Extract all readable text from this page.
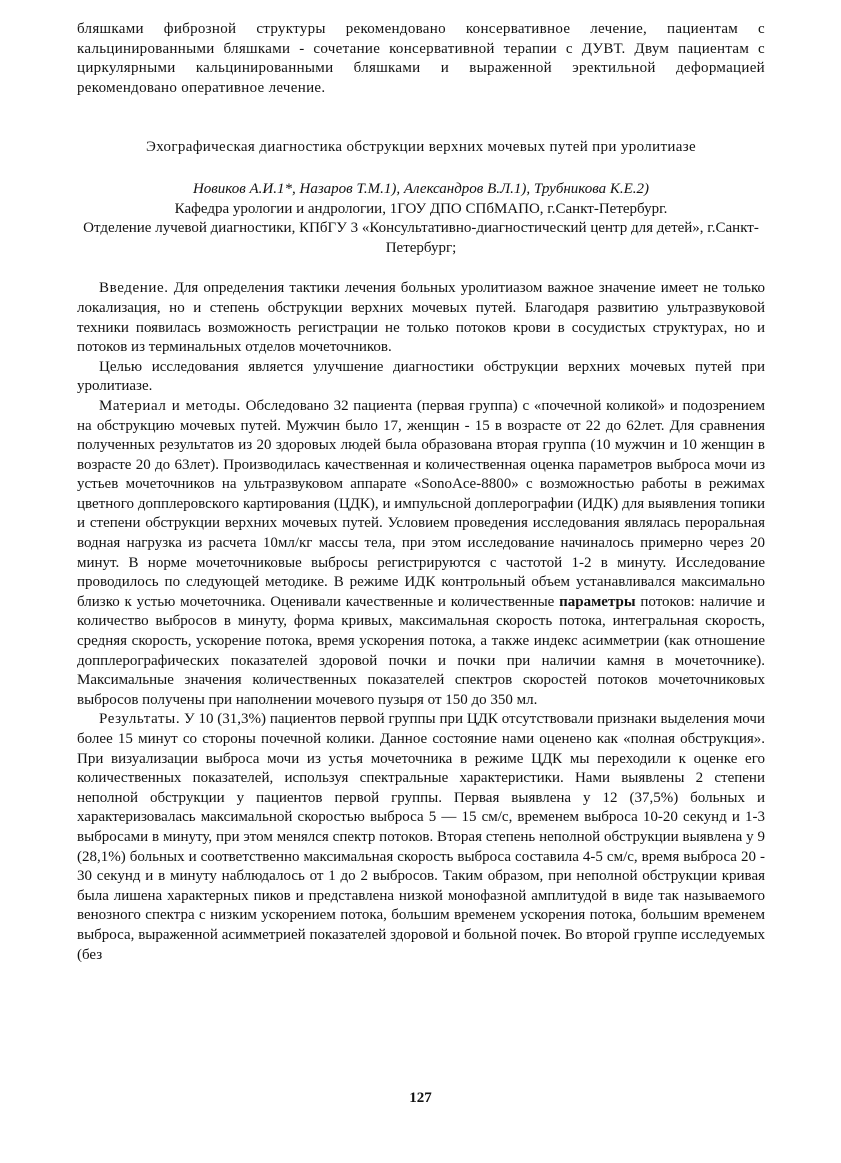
бляшками фиброзной структуры рекомендовано консервативное лечение, пациентам с кальцинированными бляшками - сочетание консервативной терапии с ДУВТ. Двум пациентам с циркулярными кальцинированными бляшками и выраженной эректильной деформацией рекомендовано оперативное лечение.

Эхографическая диагностика обструкции верхних мочевых путей при уролитиазе

Новиков А.И.1*, Назаров Т.М.1), Александров В.Л.1), Трубникова К.Е.2)

Кафедра урологии и андрологии, 1ГОУ ДПО СПбМАПО, г.Санкт-Петербург.

Отделение лучевой диагностики, КПбГУ 3 «Консультативно-диагностический центр для детей», г.Санкт-Петербург;

Введение. Для определения тактики лечения больных уролитиазом важное значение имеет не только локализация, но и степень обструкции верхних мочевых путей. Благодаря развитию ультразвуковой техники появилась возможность регистрации не только потоков крови в сосудистых структурах, но и потоков из терминальных отделов мочеточников.

Целью исследования является улучшение диагностики обструкции верхних мочевых путей при уролитиазе.

Материал и методы. Обследовано 32 пациента (первая группа) с «почечной коликой» и подозрением на обструкцию мочевых путей. Мужчин было 17, женщин - 15 в возрасте от 22 до 62лет. Для сравнения полученных результатов из 20 здоровых людей была образована вторая группа (10 мужчин и 10 женщин в возрасте 20 до 63лет). Производилась качественная и количественная оценка параметров выброса мочи из устьев мочеточников на ультразвуковом аппарате «SonoAce-8800» с возможностью работы в режимах цветного допплеровского картирования (ЦДК), и импульсной доплерографии (ИДК) для выявления топики и степени обструкции верхних мочевых путей. Условием проведения исследования являлась пероральная водная нагрузка из расчета 10мл/кг массы тела, при этом исследование начиналось примерно через 20 минут. В норме мочеточниковые выбросы регистрируются с частотой 1-2 в минуту. Исследование проводилось по следующей методике. В режиме ИДК контрольный объем устанавливался максимально близко к устью мочеточника. Оценивали качественные и количественные параметры потоков: наличие и количество выбросов в минуту, форма кривых, максимальная скорость потока, интегральная скорость, средняя скорость, ускорение потока, время ускорения потока, а также индекс асимметрии (как отношение допплерографических показателей здоровой почки и почки при наличии камня в мочеточнике). Максимальные значения количественных показателей спектров скоростей потоков мочеточниковых выбросов получены при наполнении мочевого пузыря от 150 до 350 мл.

Результаты. У 10 (31,3%) пациентов первой группы при ЦДК отсутствовали признаки выделения мочи более 15 минут со стороны почечной колики. Данное состояние нами оценено как «полная обструкция». При визуализации выброса мочи из устья мочеточника в режиме ЦДК мы переходили к оценке его количественных показателей, используя спектральные характеристики. Нами выявлены 2 степени неполной обструкции у пациентов первой группы. Первая выявлена у 12 (37,5%) больных и характеризовалась максимальной скоростью выброса 5 — 15 см/с, временем выброса 10-20 секунд и 1-3 выбросами в минуту, при этом менялся спектр потоков. Вторая степень неполной обструкции выявлена у 9 (28,1%) больных и соответственно максимальная скорость выброса составила 4-5 см/с, время выброса 20 - 30 секунд и в минуту наблюдалось от 1 до 2 выбросов. Таким образом, при неполной обструкции кривая была лишена характерных пиков и представлена низкой монофазной амплитудой в виде так называемого венозного спектра с низким ускорением потока, большим временем ускорения потока, большим временем выброса, выраженной асимметрией показателей здоровой и больной почек. Во второй группе исследуемых (без

127
